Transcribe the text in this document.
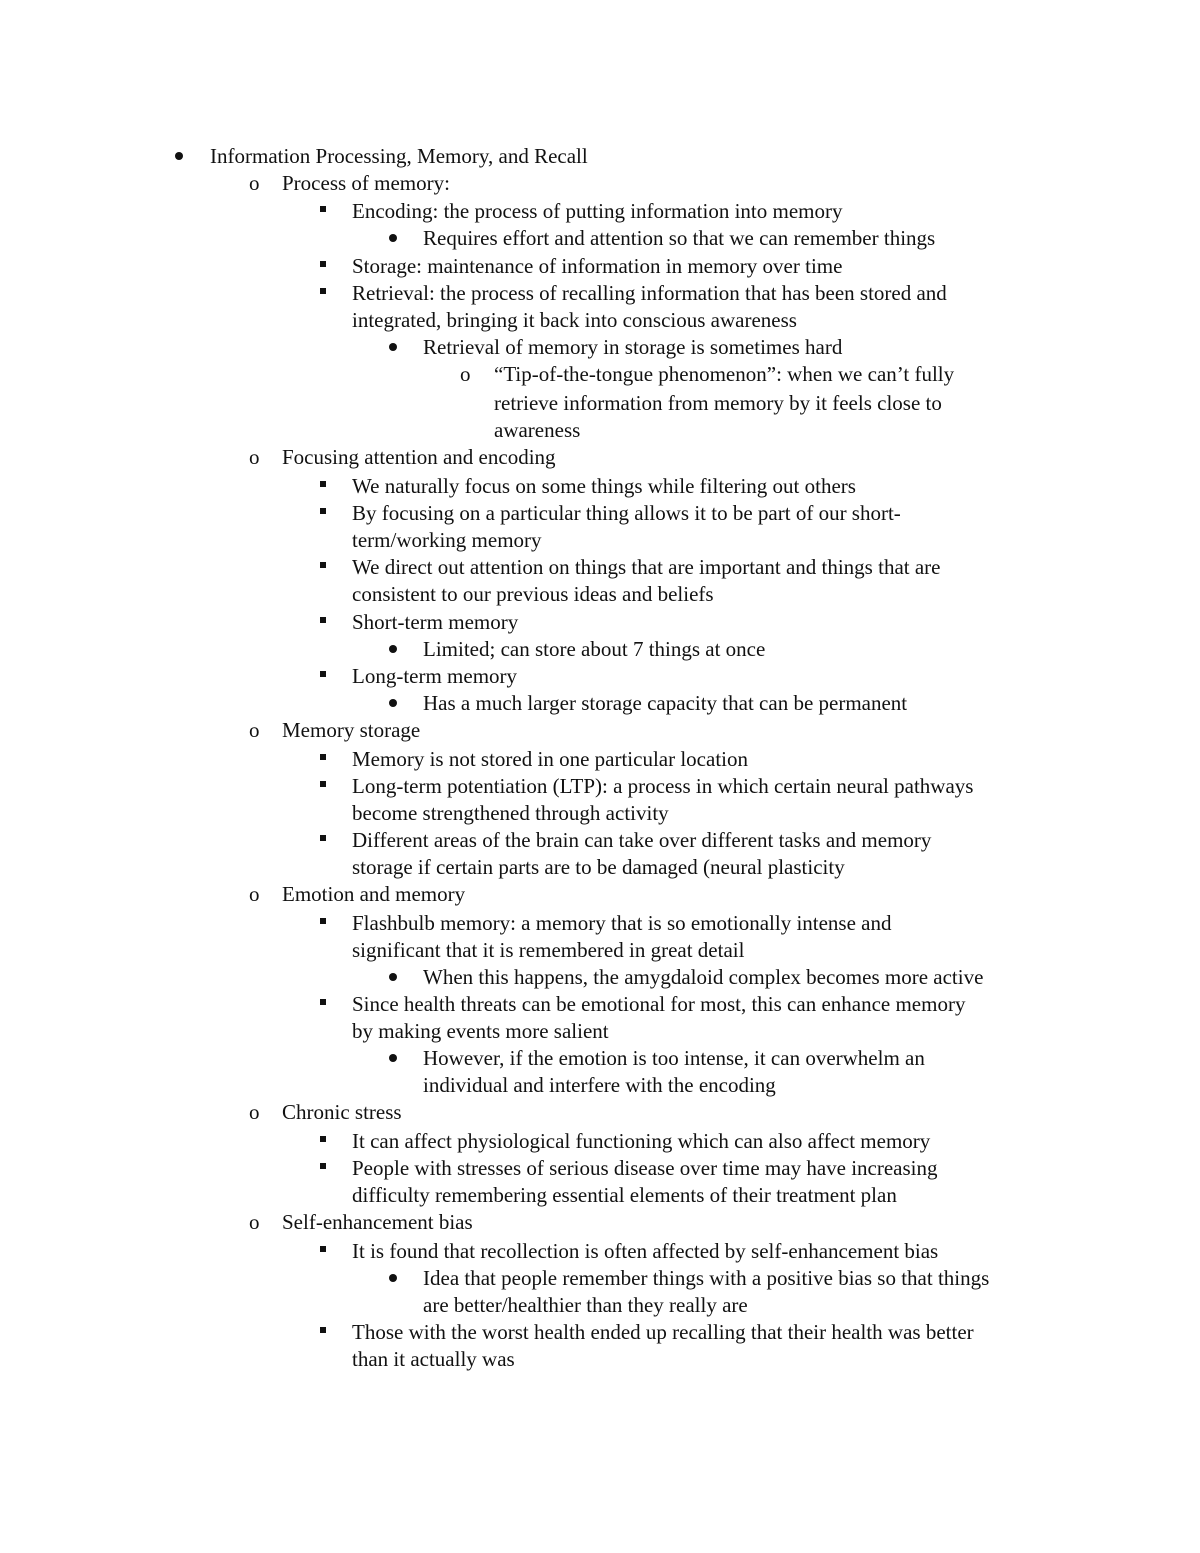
Information Processing, Memory, and Recall
o Process of memory:
Encoding: the process of putting information into memory
Requires effort and attention so that we can remember things
Storage: maintenance of information in memory over time
Retrieval: the process of recalling information that has been stored and
integrated, bringing it back into conscious awareness
Retrieval of memory in storage is sometimes hard
o “Tip-of-the-tongue phenomenon”: when we can’t fully
retrieve information from memory by it feels close to
awareness
o Focusing attention and encoding
We naturally focus on some things while filtering out others
By focusing on a particular thing allows it to be part of our short-
term/working memory
We direct out attention on things that are important and things that are
consistent to our previous ideas and beliefs
Short-term memory
Limited; can store about 7 things at once
Long-term memory
Has a much larger storage capacity that can be permanent
o Memory storage
Memory is not stored in one particular location
Long-term potentiation (LTP): a process in which certain neural pathways
become strengthened through activity
Different areas of the brain can take over different tasks and memory
storage if certain parts are to be damaged (neural plasticity
o Emotion and memory
Flashbulb memory: a memory that is so emotionally intense and
significant that it is remembered in great detail
When this happens, the amygdaloid complex becomes more active
Since health threats can be emotional for most, this can enhance memory
by making events more salient
However, if the emotion is too intense, it can overwhelm an
individual and interfere with the encoding
o Chronic stress
It can affect physiological functioning which can also affect memory
People with stresses of serious disease over time may have increasing
difficulty remembering essential elements of their treatment plan
o Self-enhancement bias
It is found that recollection is often affected by self-enhancement bias
Idea that people remember things with a positive bias so that things
are better/healthier than they really are
Those with the worst health ended up recalling that their health was better
than it actually was
